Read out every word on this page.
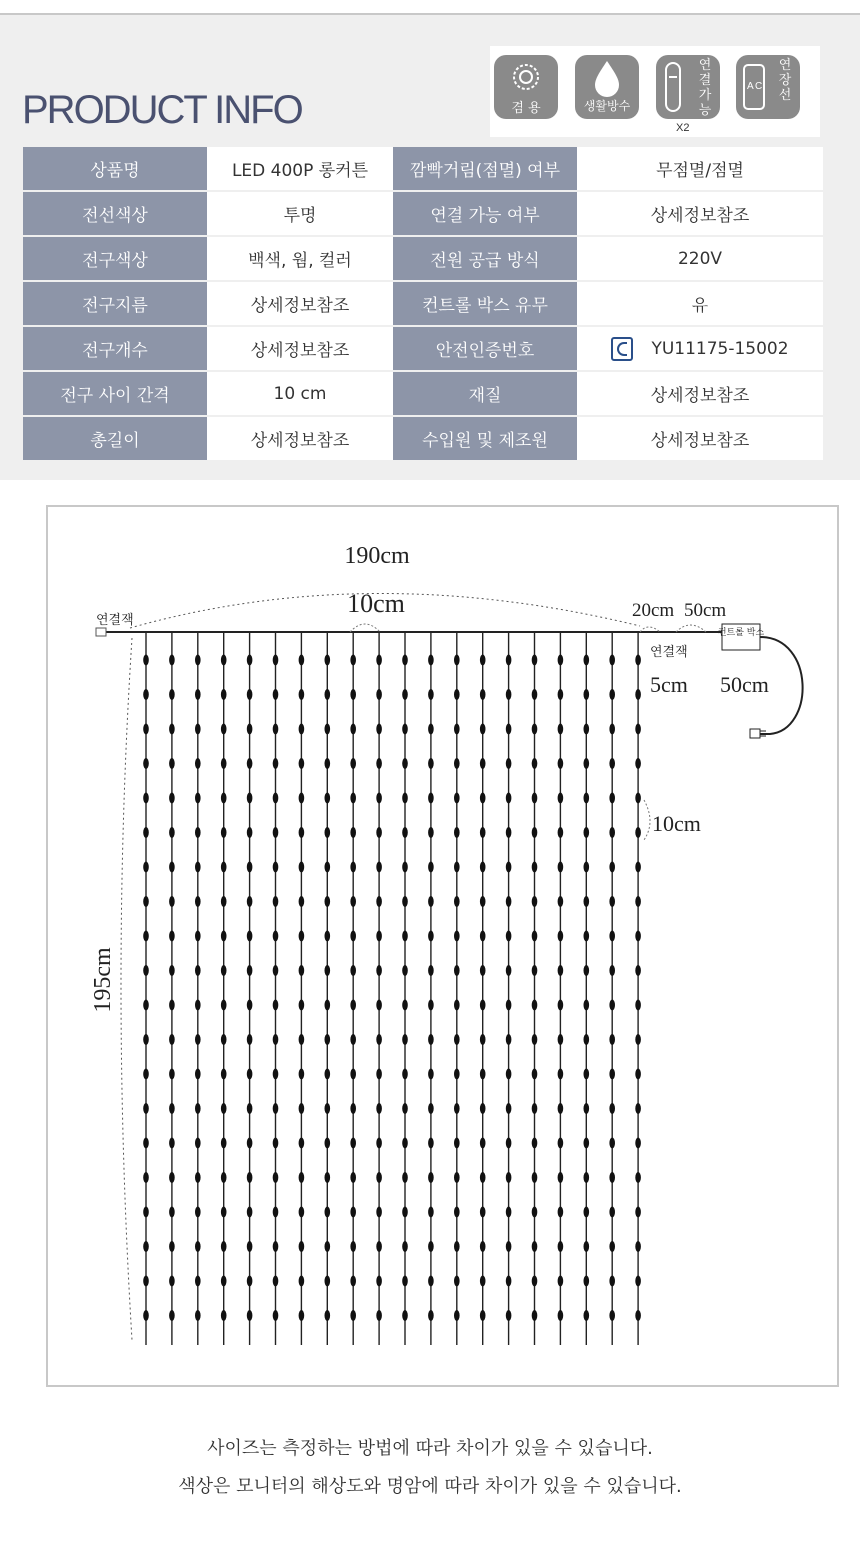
PRODUCT INFO	겸 용	생활방수
연결가능
X2
A C
연장선
상품명	LED 400P 롱커튼	깜빡거림(점멸) 여부	무점멸/점멸
전선색상	투명	연결 가능 여부	상세정보참조
전구색상	백색, 웜, 컬러	전원 공급 방식	220V
전구지름	상세정보참조	컨트롤 박스 유무	유
전구개수	상세정보참조	안전인증번호	YU11175-15002
전구 사이 간격	10 cm	재질	상세정보참조
총길이	상세정보참조	수입원 및 제조원	상세정보참조
190cm
10cm	20cm 50cm
5cm 50cm
10cm
195cm
연결잭
연결잭
컨트롤 박스
사이즈는 측정하는 방법에 따라 차이가 있을 수 있습니다.
색상은 모니터의 해상도와 명암에 따라 차이가 있을 수 있습니다.
